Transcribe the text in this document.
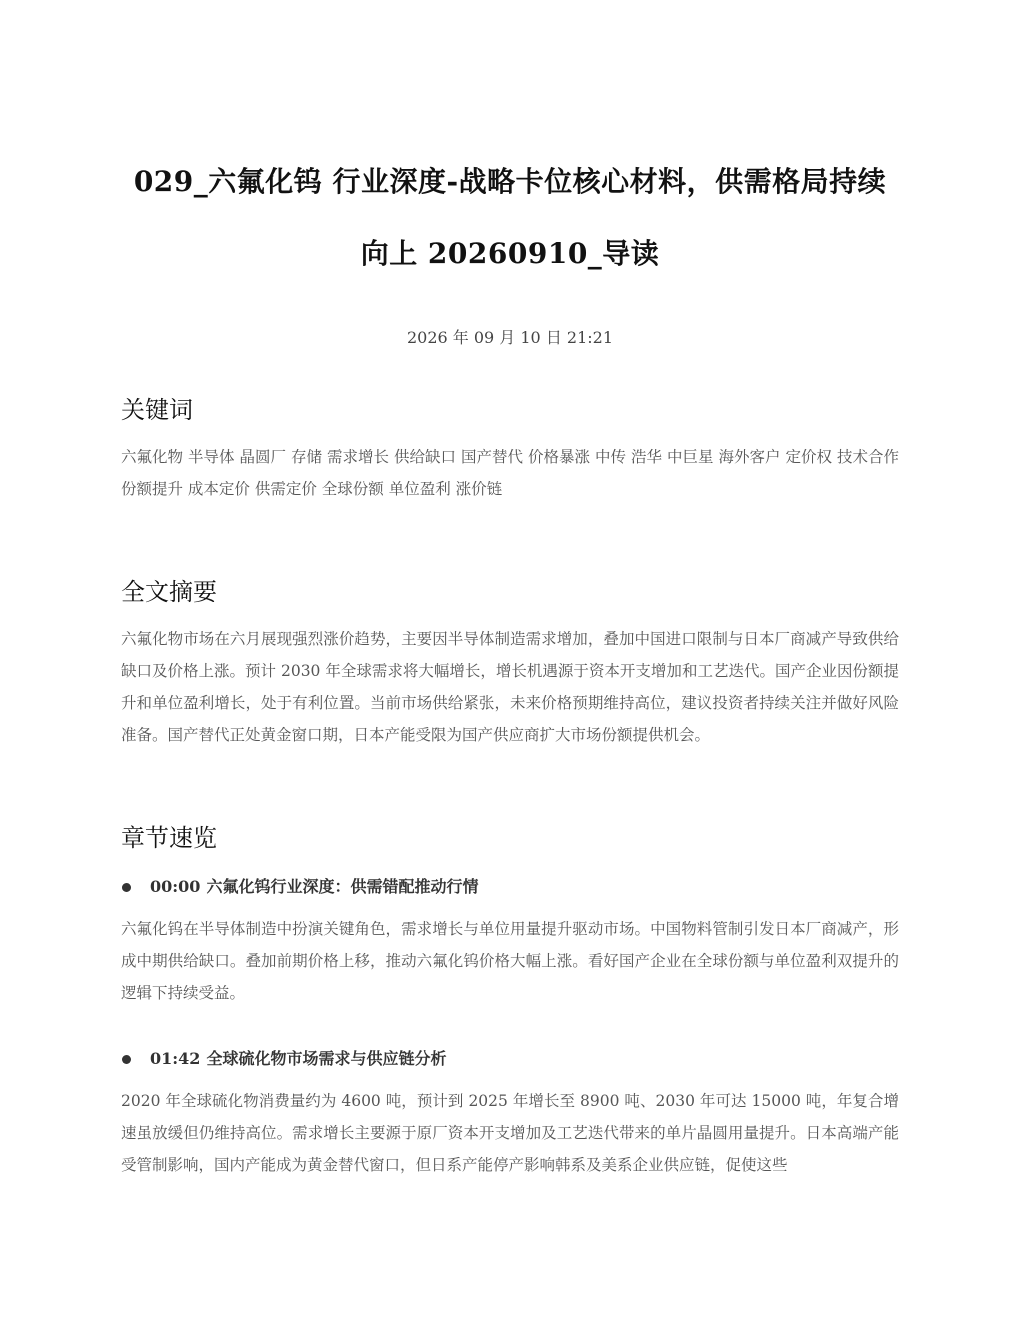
029_六氟化钨 行业深度-战略卡位核心材料，供需格局持续
向上 20260910_导读
2026 年 09 月 10 日 21:21
关键词

六氟化物 半导体 晶圆厂 存储 需求增长 供给缺口 国产替代 价格暴涨 中传 浩华 中巨星 海外客户 定价权 技术合作 份额提升 成本定价 供需定价 全球份额 单位盈利 涨价链

全文摘要

六氟化物市场在六月展现强烈涨价趋势，主要因半导体制造需求增加，叠加中国进口限制与日本厂商减产导致供给缺口及价格上涨。预计 2030 年全球需求将大幅增长，增长机遇源于资本开支增加和工艺迭代。国产企业因份额提升和单位盈利增长，处于有利位置。当前市场供给紧张，未来价格预期维持高位，建议投资者持续关注并做好风险准备。国产替代正处黄金窗口期，日本产能受限为国产供应商扩大市场份额提供机会。

章节速览
00:00 六氟化钨行业深度：供需错配推动行情

六氟化钨在半导体制造中扮演关键角色，需求增长与单位用量提升驱动市场。中国物料管制引发日本厂商减产，形成中期供给缺口。叠加前期价格上移，推动六氟化钨价格大幅上涨。看好国产企业在全球份额与单位盈利双提升的逻辑下持续受益。

01:42 全球硫化物市场需求与供应链分析

2020 年全球硫化物消费量约为 4600 吨，预计到 2025 年增长至 8900 吨、2030 年可达 15000 吨，年复合增速虽放缓但仍维持高位。需求增长主要源于原厂资本开支增加及工艺迭代带来的单片晶圆用量提升。日本高端产能受管制影响，国内产能成为黄金替代窗口，但日系产能停产影响韩系及美系企业供应链，促使这些
